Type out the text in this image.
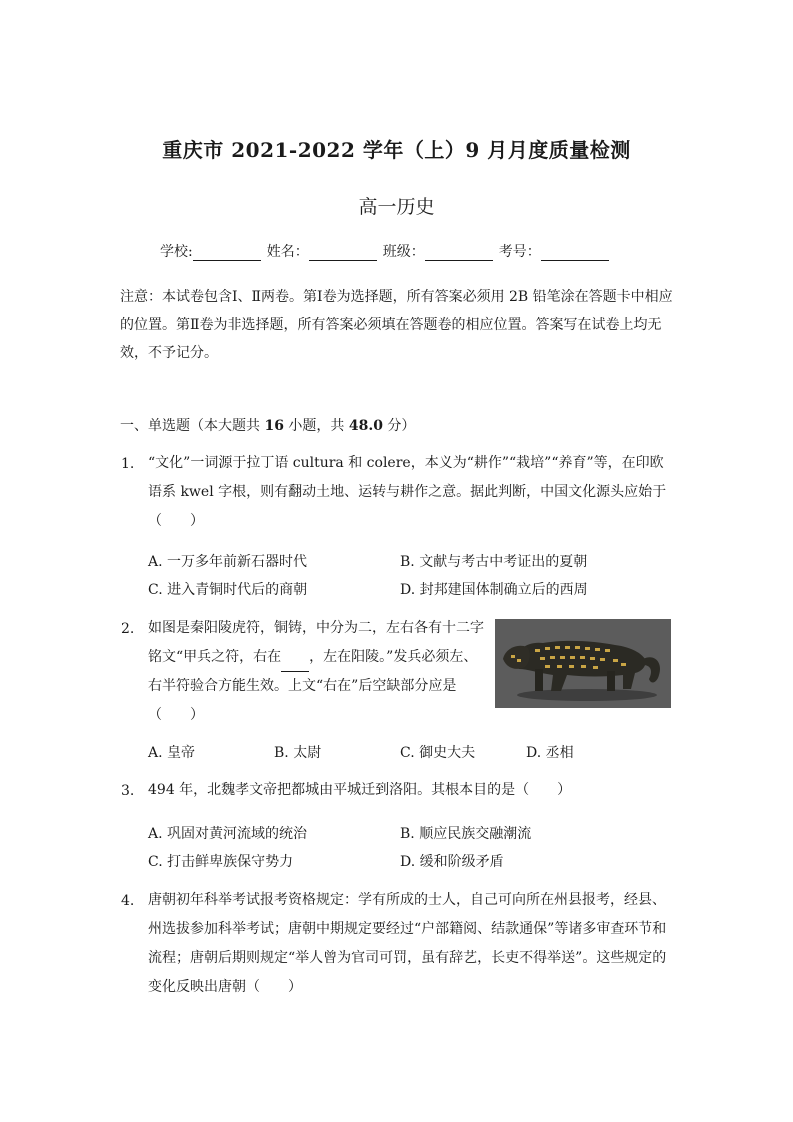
重庆市 2021-2022 学年（上）9 月月度质量检测
高一历史
学校:	姓名：	班级：	考号：
注意：本试卷包含Ⅰ、Ⅱ两卷。第Ⅰ卷为选择题，所有答案必须用 2B 铅笔涂在答题卡中相应的位置。第Ⅱ卷为非选择题，所有答案必须填在答题卷的相应位置。答案写在试卷上均无效，不予记分。
一、单选题（本大题共 16 小题，共 48.0 分）
1. “文化”一词源于拉丁语 cultura 和 colere，本义为“耕作”“栽培”“养育”等，在印欧语系 kwel 字根，则有翻动土地、运转与耕作之意。据此判断，中国文化源头应始于（　　）
A. 一万多年前新石器时代	B. 文献与考古中考证出的夏朝
C. 进入青铜时代后的商朝	D. 封邦建国体制确立后的西周
2. 如图是秦阳陵虎符，铜铸，中分为二，左右各有十二字铭文“甲兵之符，右在 ，左在阳陵。”发兵必须左、右半符验合方能生效。上文“右在”后空缺部分应是（　　）
A. 皇帝	B. 太尉	C. 御史大夫	D. 丞相
3. 494 年，北魏孝文帝把都城由平城迁到洛阳。其根本目的是（　　）
A. 巩固对黄河流域的统治	B. 顺应民族交融潮流
C. 打击鲜卑族保守势力	D. 缓和阶级矛盾
4. 唐朝初年科举考试报考资格规定：学有所成的士人，自己可向所在州县报考，经县、州选拔参加科举考试；唐朝中期规定要经过“户部籍阅、结款通保”等诸多审查环节和流程；唐朝后期则规定“举人曾为官司可罚，虽有辞艺，长吏不得举送”。这些规定的变化反映出唐朝（　　）
